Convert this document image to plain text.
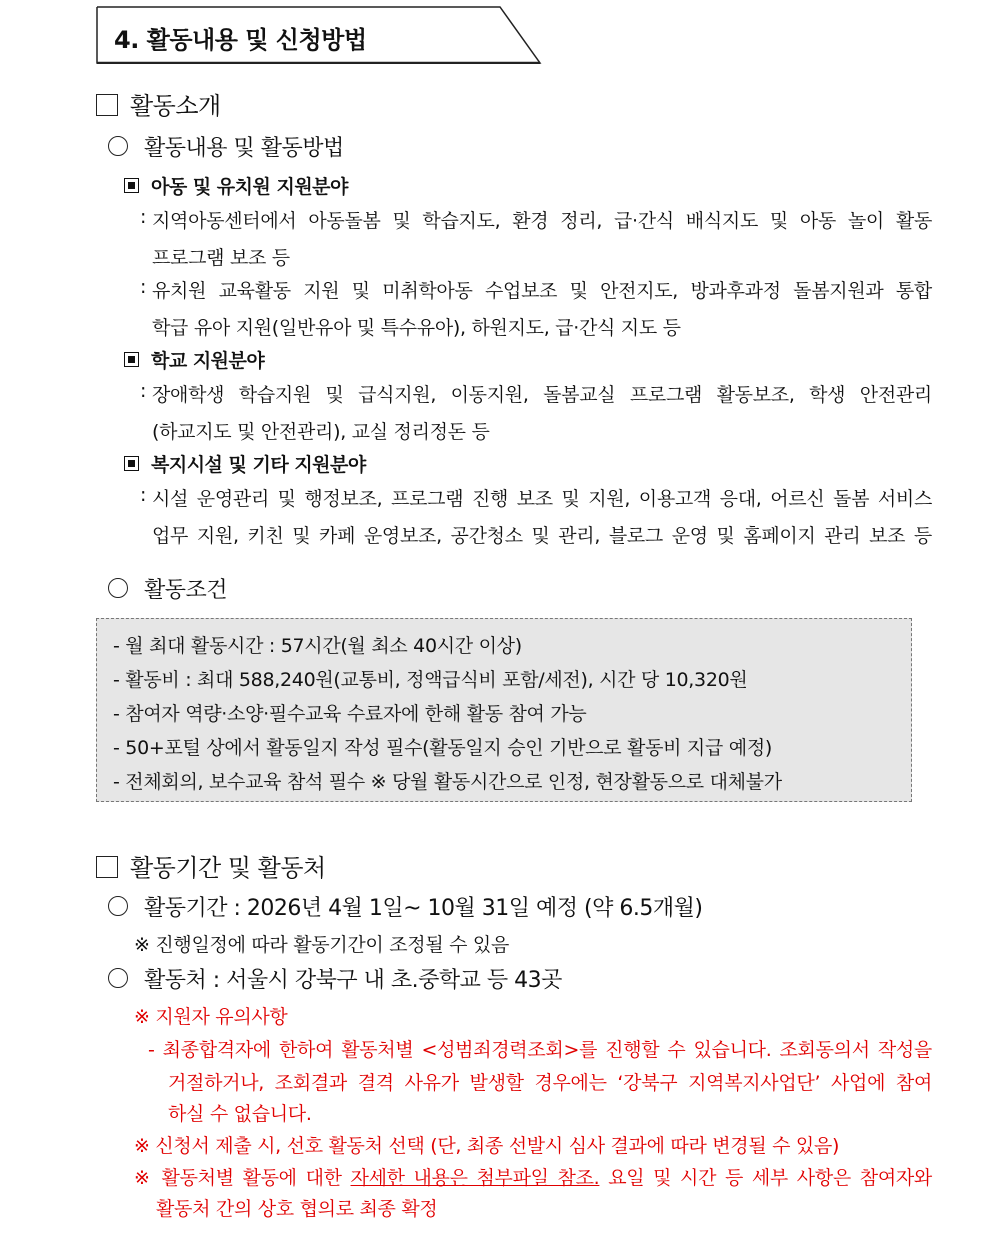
4. 활동내용 및 신청방법
활동소개
활동내용 및 활동방법
아동 및 유치원 지원분야
: 지역아동센터에서 아동돌봄 및 학습지도, 환경 정리, 급·간식 배식지도 및 아동 놀이 활동
프로그램 보조 등
: 유치원 교육활동 지원 및 미취학아동 수업보조 및 안전지도, 방과후과정 돌봄지원과 통합
학급 유아 지원(일반유아 및 특수유아), 하원지도, 급·간식 지도 등
학교 지원분야
: 장애학생 학습지원 및 급식지원, 이동지원, 돌봄교실 프로그램 활동보조, 학생 안전관리
(하교지도 및 안전관리), 교실 정리정돈 등
복지시설 및 기타 지원분야
: 시설 운영관리 및 행정보조, 프로그램 진행 보조 및 지원, 이용고객 응대, 어르신 돌봄 서비스
업무 지원, 키친 및 카페 운영보조, 공간청소 및 관리, 블로그 운영 및 홈페이지 관리 보조 등
활동조건
- 월 최대 활동시간 : 57시간(월 최소 40시간 이상)
- 활동비 : 최대 588,240원(교통비, 정액급식비 포함/세전), 시간 당 10,320원
- 참여자 역량·소양·필수교육 수료자에 한해 활동 참여 가능
- 50+포털 상에서 활동일지 작성 필수(활동일지 승인 기반으로 활동비 지급 예정)
- 전체회의, 보수교육 참석 필수 ※ 당월 활동시간으로 인정, 현장활동으로 대체불가
활동기간 및 활동처
활동기간 : 2026년 4월 1일~ 10월 31일 예정 (약 6.5개월)
※ 진행일정에 따라 활동기간이 조정될 수 있음
활동처 : 서울시 강북구 내 초.중학교 등 43곳
※ 지원자 유의사항
- 최종합격자에 한하여 활동처별 <성범죄경력조회>를 진행할 수 있습니다. 조회동의서 작성을
거절하거나, 조회결과 결격 사유가 발생할 경우에는 ‘강북구 지역복지사업단’ 사업에 참여
하실 수 없습니다.
※ 신청서 제출 시, 선호 활동처 선택 (단, 최종 선발시 심사 결과에 따라 변경될 수 있음)
※ 활동처별 활동에 대한 자세한 내용은 첨부파일 참조. 요일 및 시간 등 세부 사항은 참여자와
활동처 간의 상호 협의로 최종 확정
